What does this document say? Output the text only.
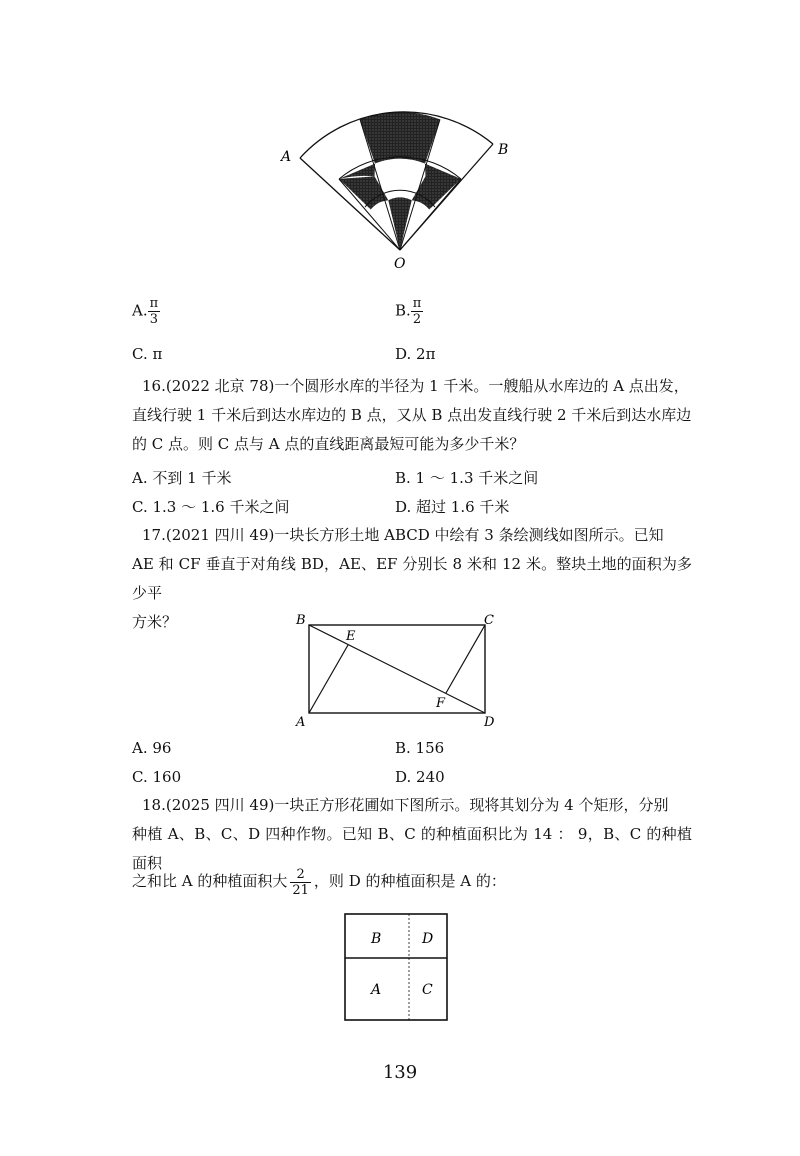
A	B
O
A. $\frac{\pi}{3}$	B. $\frac{\pi}{2}$
C. π	D. 2π
16.(2022 北京 78)一个圆形水库的半径为 1 千米。一艘船从水库边的 A 点出发，
直线行驶 1 千米后到达水库边的 B 点，又从 B 点出发直线行驶 2 千米后到达水库边
的 C 点。则 C 点与 A 点的直线距离最短可能为多少千米？
A. 不到 1 千米	B. 1 ～ 1.3 千米之间
C. 1.3 ～ 1.6 千米之间	D. 超过 1.6 千米
17.(2021 四川 49)一块长方形土地 ABCD 中绘有 3 条绘测线如图所示。已知
AE 和 CF 垂直于对角线 BD，AE、EF 分别长 8 米和 12 米。整块土地的面积为多少平
方米？	B	C
E
F
A	D
A. 96	B. 156
C. 160	D. 240
18.(2025 四川 49)一块正方形花圃如下图所示。现将其划分为 4 个矩形，分别
种植 A、B、C、D 四种作物。已知 B、C 的种植面积比为 14 ： 9，B、C 的种植面积
之和比 A 的种植面积大 $\frac{2}{21}$ ，则 D 的种植面积是 A 的：
B	D
A	C
139
